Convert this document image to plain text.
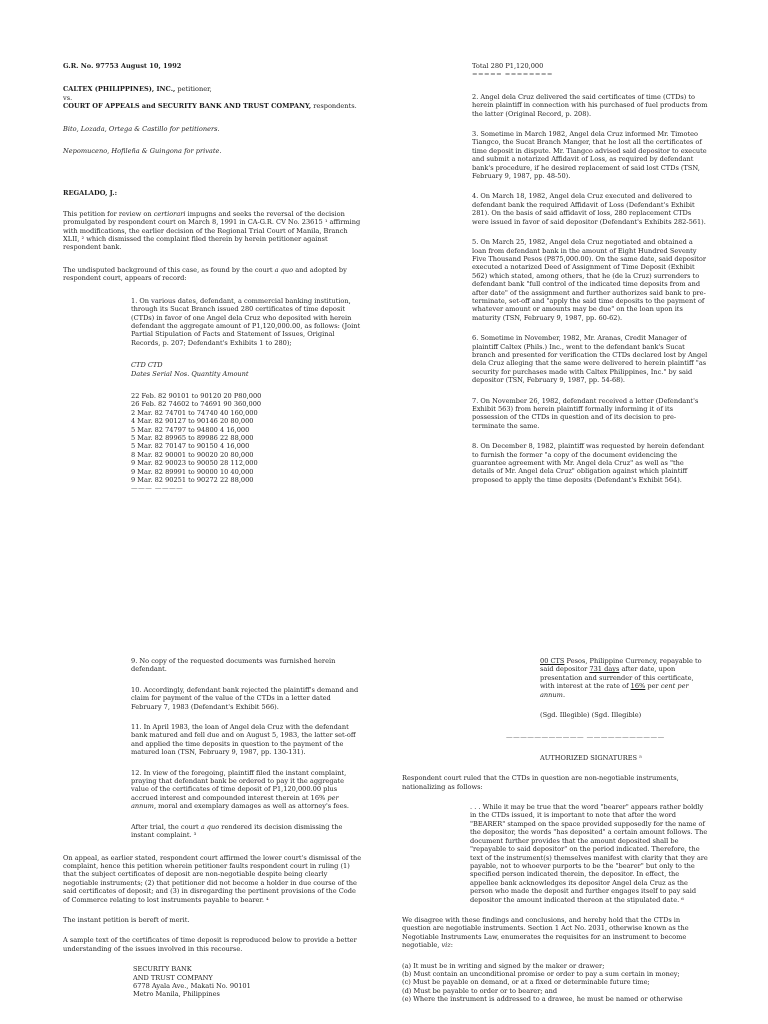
G.R. No. 97753 August 10, 1992

CALTEX (PHILIPPINES), INC., petitioner,

vs.

COURT OF APPEALS and SECURITY BANK AND TRUST COMPANY, respondents.

Bito, Lozada, Ortega & Castillo for petitioners.

Nepomuceno, Hofileña & Guingona for private.

REGALADO, J.:

This petition for review on certiorari impugns and seeks the reversal of the decision promulgated by respondent court on March 8, 1991 in CA-G.R. CV No. 23615 ¹ affirming with modifications, the earlier decision of the Regional Trial Court of Manila, Branch XLII, ² which dismissed the complaint filed therein by herein petitioner against respondent bank.

The undisputed background of this case, as found by the court a quo and adopted by respondent court, appears of record:

1. On various dates, defendant, a commercial banking institution, through its Sucat Branch issued 280 certificates of time deposit (CTDs) in favor of one Angel dela Cruz who deposited with herein defendant the aggregate amount of P1,120,000.00, as follows: (Joint Partial Stipulation of Facts and Statement of Issues, Original Records, p. 207; Defendant's Exhibits 1 to 280);

CTD CTD

Dates Serial Nos. Quantity Amount

22 Feb. 82 90101 to 90120 20 P80,000
26 Feb. 82 74602 to 74691 90 360,000
2 Mar. 82 74701 to 74740 40 160,000
4 Mar. 82 90127 to 90146 20 80,000
5 Mar. 82 74797 to 94800 4 16,000
5 Mar. 82 89965 to 89986 22 88,000
5 Mar. 82 70147 to 90150 4 16,000
8 Mar. 82 90001 to 90020 20 80,000
9 Mar. 82 90023 to 90050 28 112,000
9 Mar. 82 89991 to 90000 10 40,000
9 Mar. 82 90251 to 90272 22 88,000
——— ————

Total 280 P1,120,000

===== ========

2. Angel dela Cruz delivered the said certificates of time (CTDs) to herein plaintiff in connection with his purchased of fuel products from the latter (Original Record, p. 208).

3. Sometime in March 1982, Angel dela Cruz informed Mr. Timoteo Tiangco, the Sucat Branch Manger, that he lost all the certificates of time deposit in dispute. Mr. Tiangco advised said depositor to execute and submit a notarized Affidavit of Loss, as required by defendant bank's procedure, if he desired replacement of said lost CTDs (TSN, February 9, 1987, pp. 48-50).

4. On March 18, 1982, Angel dela Cruz executed and delivered to defendant bank the required Affidavit of Loss (Defendant's Exhibit 281). On the basis of said affidavit of loss, 280 replacement CTDs were issued in favor of said depositor (Defendant's Exhibits 282-561).

5. On March 25, 1982, Angel dela Cruz negotiated and obtained a loan from defendant bank in the amount of Eight Hundred Seventy Five Thousand Pesos (P875,000.00). On the same date, said depositor executed a notarized Deed of Assignment of Time Deposit (Exhibit 562) which stated, among others, that he (de la Cruz) surrenders to defendant bank "full control of the indicated time deposits from and after date" of the assignment and further authorizes said bank to pre-terminate, set-off and "apply the said time deposits to the payment of whatever amount or amounts may be due" on the loan upon its maturity (TSN, February 9, 1987, pp. 60-62).

6. Sometime in November, 1982, Mr. Aranas, Credit Manager of plaintiff Caltex (Phils.) Inc., went to the defendant bank's Sucat branch and presented for verification the CTDs declared lost by Angel dela Cruz alleging that the same were delivered to herein plaintiff "as security for purchases made with Caltex Philippines, Inc." by said depositor (TSN, February 9, 1987, pp. 54-68).

7. On November 26, 1982, defendant received a letter (Defendant's Exhibit 563) from herein plaintiff formally informing it of its possession of the CTDs in question and of its decision to pre-terminate the same.

8. On December 8, 1982, plaintiff was requested by herein defendant to furnish the former "a copy of the document evidencing the guarantee agreement with Mr. Angel dela Cruz" as well as "the details of Mr. Angel dela Cruz" obligation against which plaintiff proposed to apply the time deposits (Defendant's Exhibit 564).

9. No copy of the requested documents was furnished herein defendant.

10. Accordingly, defendant bank rejected the plaintiff's demand and claim for payment of the value of the CTDs in a letter dated February 7, 1983 (Defendant's Exhibit 566).

11. In April 1983, the loan of Angel dela Cruz with the defendant bank matured and fell due and on August 5, 1983, the latter set-off and applied the time deposits in question to the payment of the matured loan (TSN, February 9, 1987, pp. 130-131).

12. In view of the foregoing, plaintiff filed the instant complaint, praying that defendant bank be ordered to pay it the aggregate value of the certificates of time deposit of P1,120,000.00 plus accrued interest and compounded interest therein at 16% per annum, moral and exemplary damages as well as attorney's fees.

After trial, the court a quo rendered its decision dismissing the instant complaint. ³

On appeal, as earlier stated, respondent court affirmed the lower court's dismissal of the complaint, hence this petition wherein petitioner faults respondent court in ruling (1) that the subject certificates of deposit are non-negotiable despite being clearly negotiable instruments; (2) that petitioner did not become a holder in due course of the said certificates of deposit; and (3) in disregarding the pertinent provisions of the Code of Commerce relating to lost instruments payable to bearer. ⁴

The instant petition is bereft of merit.

A sample text of the certificates of time deposit is reproduced below to provide a better understanding of the issues involved in this recourse.

SECURITY BANK

AND TRUST COMPANY

6778 Ayala Ave., Makati No. 90101

Metro Manila, Philippines

00 CTS Pesos, Philippine Currency, repayable to said depositor 731 days after date, upon presentation and surrender of this certificate, with interest at the rate of 16% per cent per annum.

(Sgd. Illegible) (Sgd. Illegible)

——————————— ———————————

AUTHORIZED SIGNATURES ⁵

Respondent court ruled that the CTDs in question are non-negotiable instruments, nationalizing as follows:

. . . While it may be true that the word "bearer" appears rather boldly in the CTDs issued, it is important to note that after the word "BEARER" stamped on the space provided supposedly for the name of the depositor, the words "has deposited" a certain amount follows. The document further provides that the amount deposited shall be "repayable to said depositor" on the period indicated. Therefore, the text of the instrument(s) themselves manifest with clarity that they are payable, not to whoever purports to be the "bearer" but only to the specified person indicated therein, the depositor. In effect, the appellee bank acknowledges its depositor Angel dela Cruz as the person who made the deposit and further engages itself to pay said depositor the amount indicated thereon at the stipulated date. ⁶

We disagree with these findings and conclusions, and hereby hold that the CTDs in question are negotiable instruments. Section 1 Act No. 2031, otherwise known as the Negotiable Instruments Law, enumerates the requisites for an instrument to become negotiable, viz:

(a) It must be in writing and signed by the maker or drawer;
(b) Must contain an unconditional promise or order to pay a sum certain in money;
(c) Must be payable on demand, or at a fixed or determinable future time;
(d) Must be payable to order or to bearer; and
(e) Where the instrument is addressed to a drawee, he must be named or otherwise
